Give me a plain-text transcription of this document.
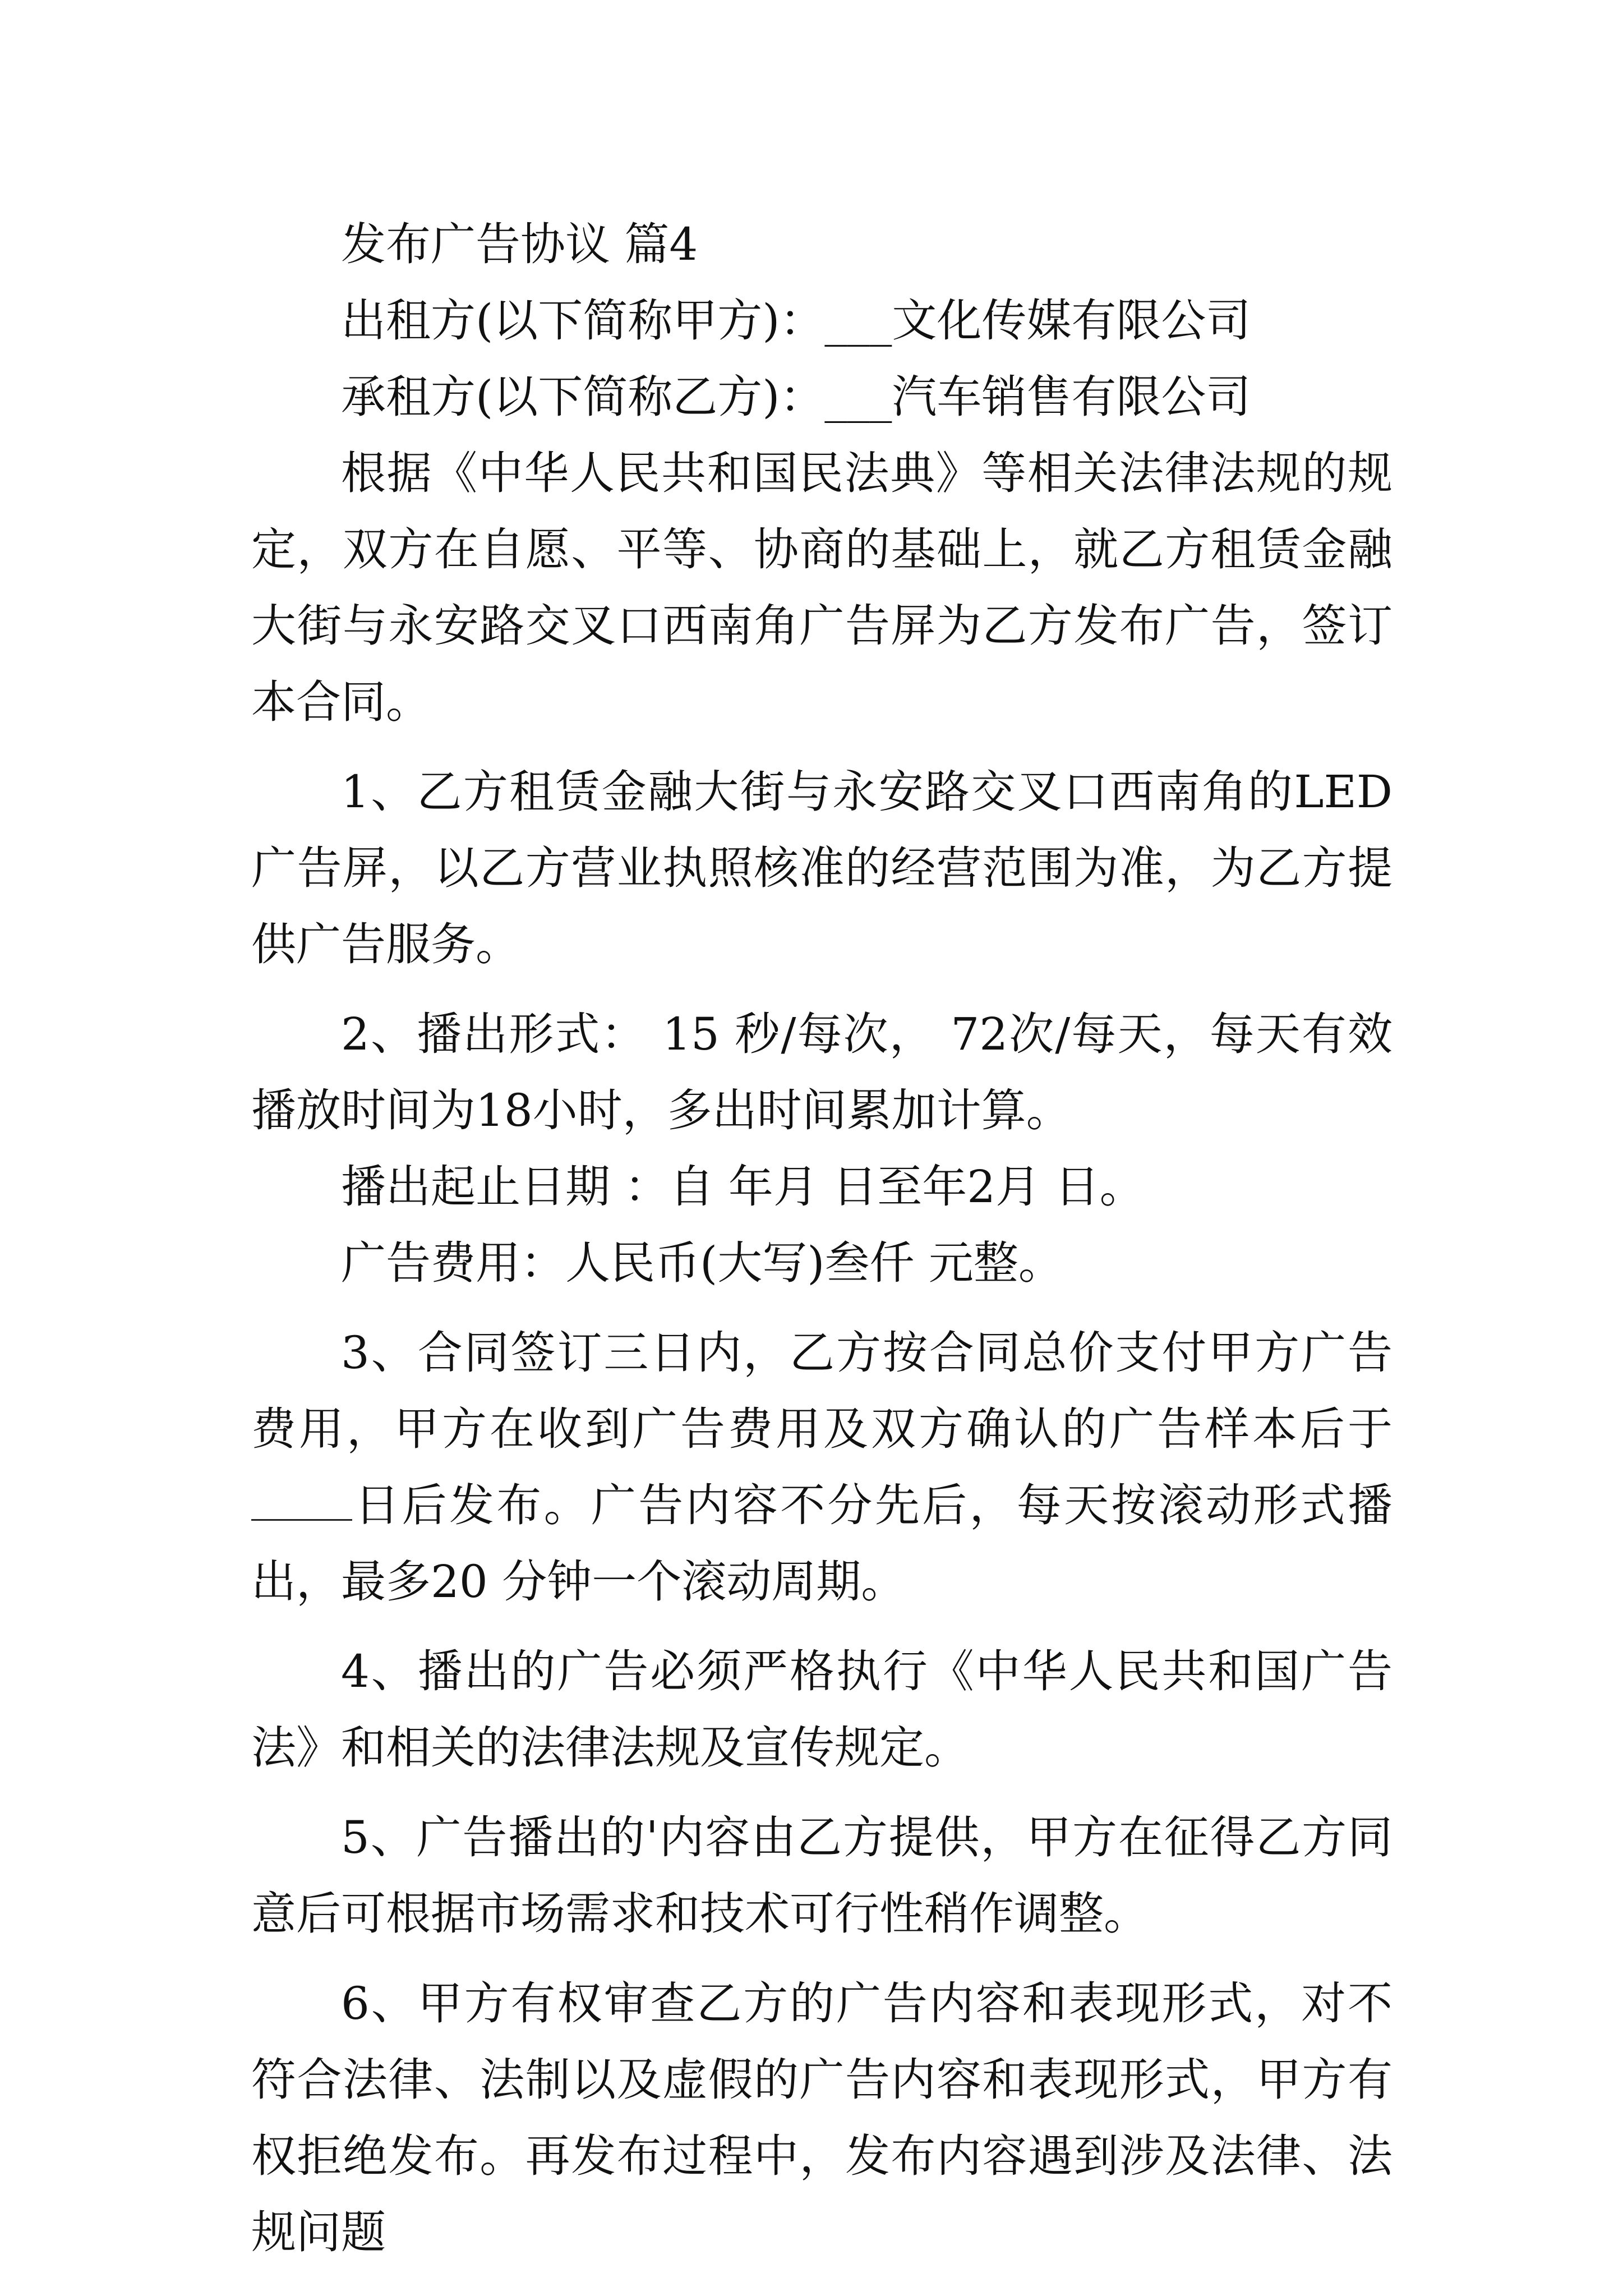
发布广告协议 篇4

出租方(以下简称甲方)：___文化传媒有限公司

承租方(以下简称乙方)：___汽车销售有限公司

根据《中华人民共和国民法典》等相关法律法规的规定，双方在自愿、平等、协商的基础上，就乙方租赁金融大街与永安路交叉口西南角广告屏为乙方发布广告，签订本合同。

1、乙方租赁金融大街与永安路交叉口西南角的LED广告屏，以乙方营业执照核准的经营范围为准，为乙方提供广告服务。

2、播出形式： 15 秒/每次， 72次/每天，每天有效播放时间为18小时，多出时间累加计算。

播出起止日期 ：自 年月 日至年2月 日。

广告费用：人民币(大写)叁仟 元整。

3、合同签订三日内，乙方按合同总价支付甲方广告费用，甲方在收到广告费用及双方确认的广告样本后于日后发布。广告内容不分先后，每天按滚动形式播出，最多20 分钟一个滚动周期。

4、播出的广告必须严格执行《中华人民共和国广告法》和相关的法律法规及宣传规定。

5、广告播出的'内容由乙方提供，甲方在征得乙方同意后可根据市场需求和技术可行性稍作调整。

6、甲方有权审查乙方的广告内容和表现形式，对不符合法律、法制以及虚假的广告内容和表现形式，甲方有权拒绝发布。再发布过程中，发布内容遇到涉及法律、法规问题
